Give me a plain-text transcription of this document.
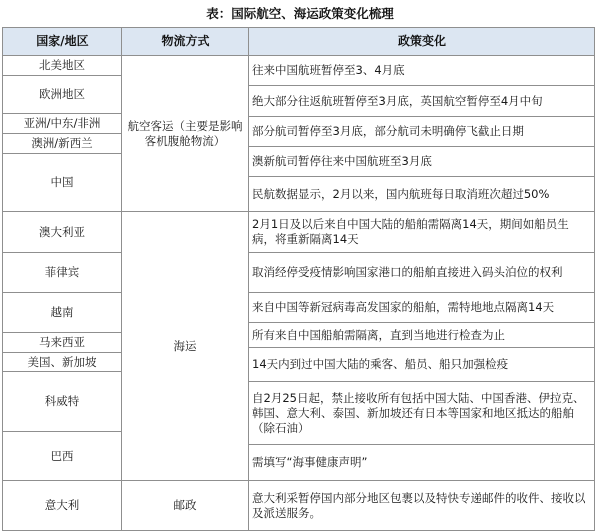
表：国际航空、海运政策变化梳理
国家/地区	物流方式	政策变化
北美地区
欧洲地区
亚洲/中东/非洲
澳洲/新西兰
中国
澳大利亚
菲律宾
越南
马来西亚
美国、新加坡
科威特
巴西
意大利
航空客运（主要是影响客机腹舱物流）
海运
邮政
往来中国航班暂停至3、4月底
绝大部分往返航班暂停至3月底，英国航空暂停至4月中旬
部分航司暂停至3月底，部分航司未明确停飞截止日期
澳新航司暂停往来中国航班至3月底
民航数据显示，2月以来，国内航班每日取消班次超过50%
2月1日及以后来自中国大陆的船舶需隔离14天，期间如船员生病，将重新隔离14天
取消经停受疫情影响国家港口的船舶直接进入码头泊位的权利
来自中国等新冠病毒高发国家的船舶，需特地地点隔离14天
所有来自中国船舶需隔离，直到当地进行检查为止
14天内到过中国大陆的乘客、船员、船只加强检疫
自2月25日起，禁止接收所有包括中国大陆、中国香港、伊拉克、韩国、意大利、泰国、新加坡还有日本等国家和地区抵达的船舶（除石油）
需填写“海事健康声明”
意大利采暂停国内部分地区包裹以及特快专递邮件的收件、接收以及派送服务。
